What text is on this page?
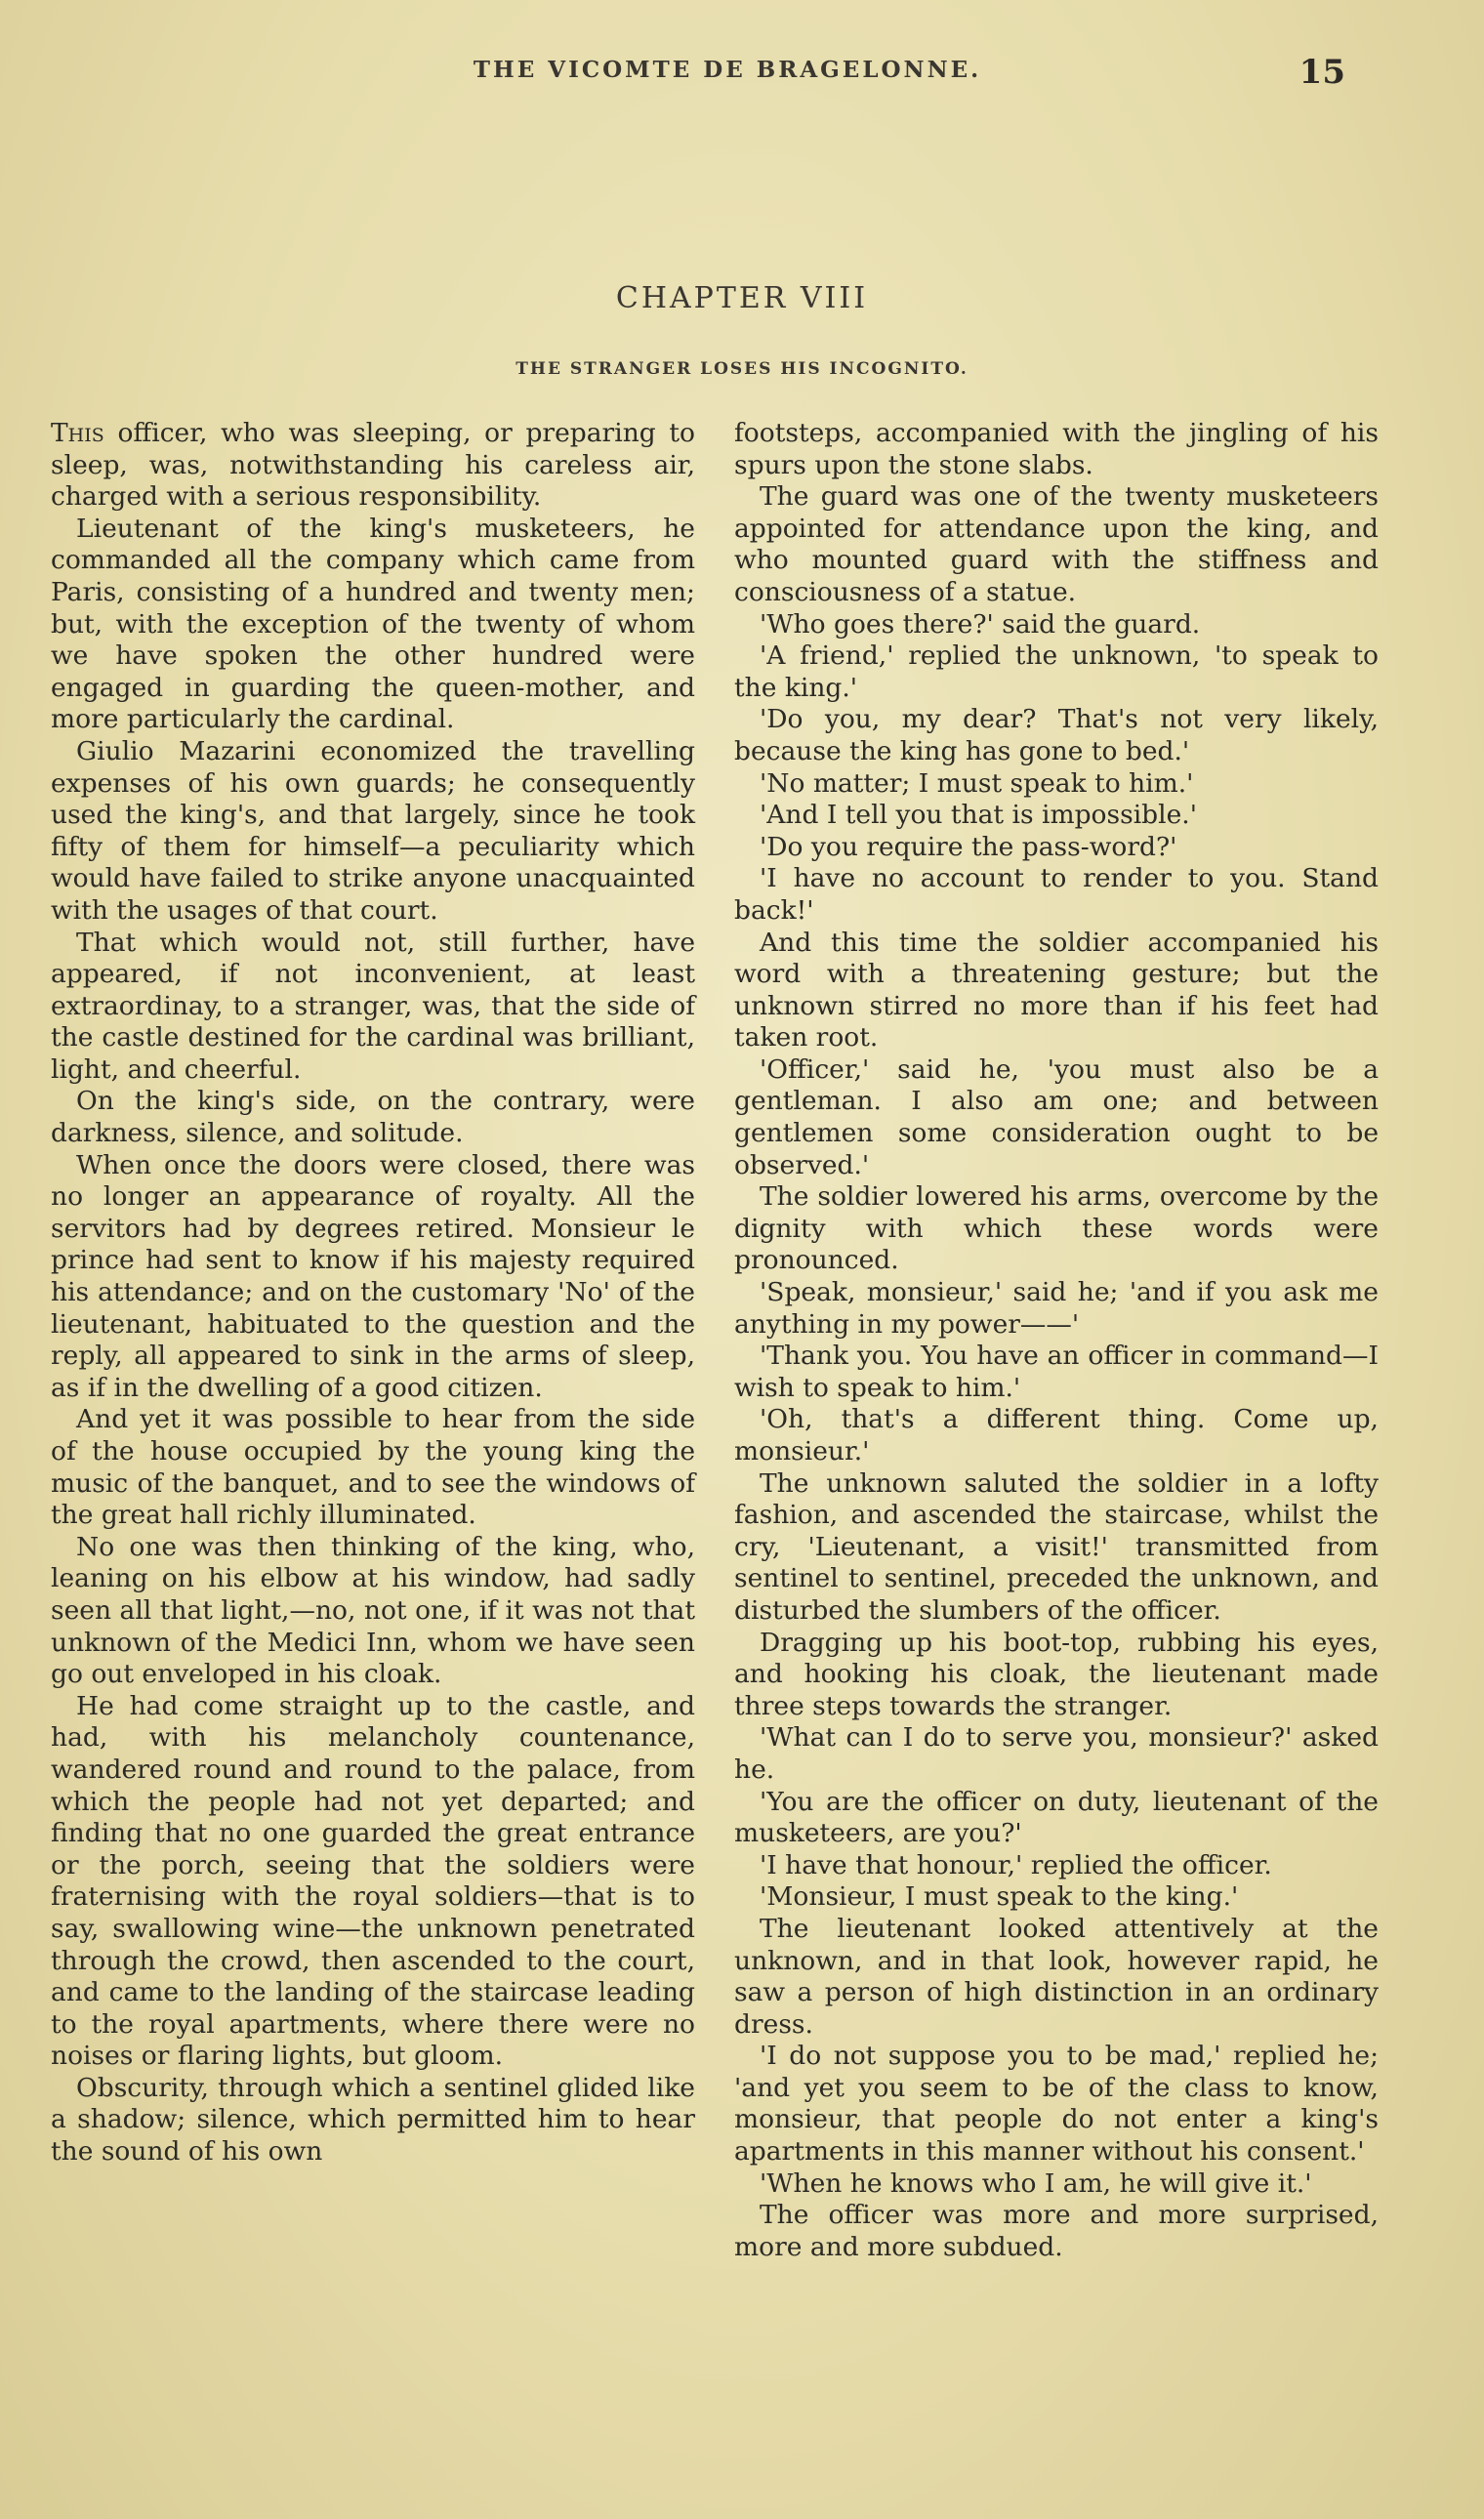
THE VICOMTE DE BRAGELONNE.	15
CHAPTER VIII
THE STRANGER LOSES HIS INCOGNITO.

This officer, who was sleeping, or preparing to sleep, was, notwithstanding his careless air, charged with a serious responsibility.

Lieutenant of the king's musketeers, he commanded all the company which came from Paris, consisting of a hundred and twenty men; but, with the exception of the twenty of whom we have spoken the other hundred were engaged in guarding the queen-mother, and more particularly the cardinal.

Giulio Mazarini economized the travelling expenses of his own guards; he consequently used the king's, and that largely, since he took fifty of them for himself—a peculiarity which would have failed to strike anyone unacquainted with the usages of that court.

That which would not, still further, have appeared, if not inconvenient, at least extraordinay, to a stranger, was, that the side of the castle destined for the cardinal was brilliant, light, and cheerful.

On the king's side, on the contrary, were darkness, silence, and solitude.

When once the doors were closed, there was no longer an appearance of royalty. All the servitors had by degrees retired. Monsieur le prince had sent to know if his majesty required his attendance; and on the customary 'No' of the lieutenant, habituated to the question and the reply, all appeared to sink in the arms of sleep, as if in the dwelling of a good citizen.

And yet it was possible to hear from the side of the house occupied by the young king the music of the banquet, and to see the windows of the great hall richly illuminated.

No one was then thinking of the king, who, leaning on his elbow at his window, had sadly seen all that light,—no, not one, if it was not that unknown of the Medici Inn, whom we have seen go out enveloped in his cloak.

He had come straight up to the castle, and had, with his melancholy countenance, wandered round and round to the palace, from which the people had not yet departed; and finding that no one guarded the great entrance or the porch, seeing that the soldiers were fraternising with the royal soldiers—that is to say, swallowing wine—the unknown penetrated through the crowd, then ascended to the court, and came to the landing of the staircase leading to the royal apartments, where there were no noises or flaring lights, but gloom.

Obscurity, through which a sentinel glided like a shadow; silence, which permitted him to hear the sound of his own

footsteps, accompanied with the jingling of his spurs upon the stone slabs.

The guard was one of the twenty musketeers appointed for attendance upon the king, and who mounted guard with the stiffness and consciousness of a statue.

'Who goes there?' said the guard.

'A friend,' replied the unknown, 'to speak to the king.'

'Do you, my dear? That's not very likely, because the king has gone to bed.'

'No matter; I must speak to him.'

'And I tell you that is impossible.'

'Do you require the pass-word?'

'I have no account to render to you. Stand back!'

And this time the soldier accompanied his word with a threatening gesture; but the unknown stirred no more than if his feet had taken root.

'Officer,' said he, 'you must also be a gentleman. I also am one; and between gentlemen some consideration ought to be observed.'

The soldier lowered his arms, overcome by the dignity with which these words were pronounced.

'Speak, monsieur,' said he; 'and if you ask me anything in my power——'

'Thank you. You have an officer in command—I wish to speak to him.'

'Oh, that's a different thing. Come up, monsieur.'

The unknown saluted the soldier in a lofty fashion, and ascended the staircase, whilst the cry, 'Lieutenant, a visit!' transmitted from sentinel to sentinel, preceded the unknown, and disturbed the slumbers of the officer.

Dragging up his boot-top, rubbing his eyes, and hooking his cloak, the lieutenant made three steps towards the stranger.

'What can I do to serve you, monsieur?' asked he.

'You are the officer on duty, lieutenant of the musketeers, are you?'

'I have that honour,' replied the officer.

'Monsieur, I must speak to the king.'

The lieutenant looked attentively at the unknown, and in that look, however rapid, he saw a person of high distinction in an ordinary dress.

'I do not suppose you to be mad,' replied he; 'and yet you seem to be of the class to know, monsieur, that people do not enter a king's apartments in this manner without his consent.'

'When he knows who I am, he will give it.'

The officer was more and more surprised, more and more subdued.
